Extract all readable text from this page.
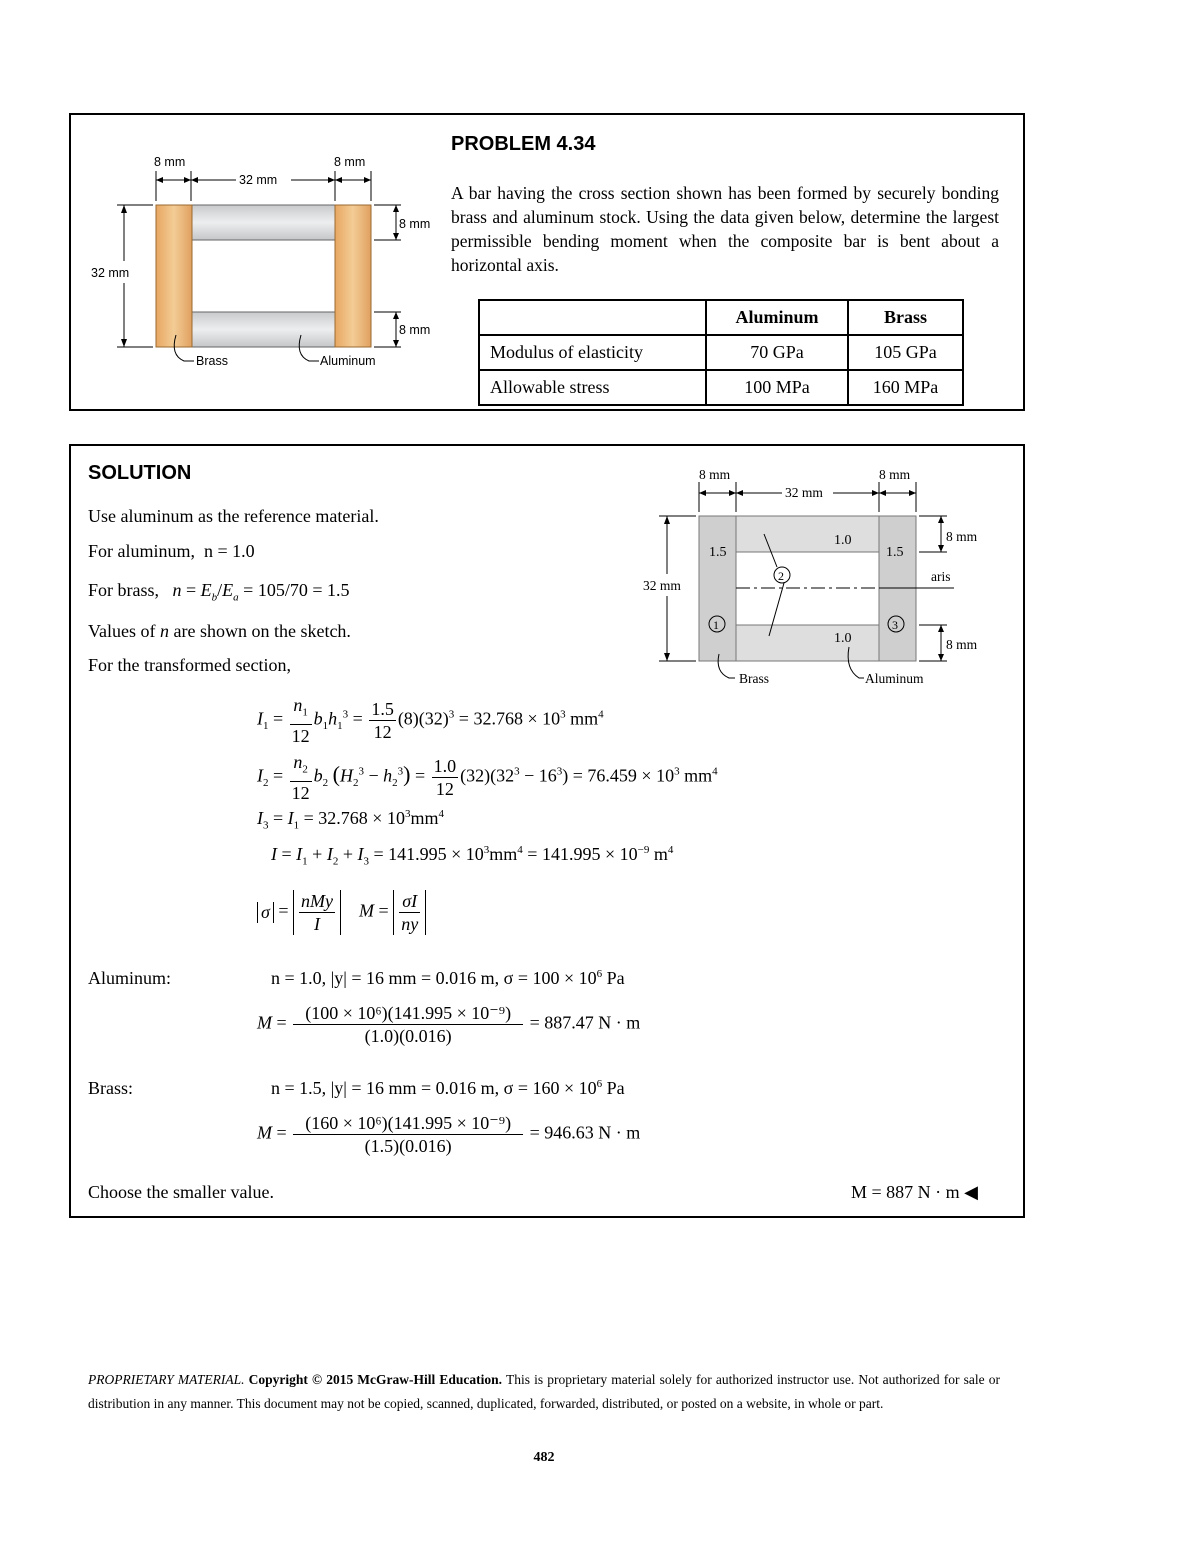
8 mm	8 mm
32 mm
32 mm
8 mm
8 mm
Brass	Aluminum
PROBLEM 4.34

A bar having the cross section shown has been formed by securely bonding brass and aluminum stock. Using the data given below, determine the largest permissible bending moment when the composite bar is bent about a horizontal axis.

	Aluminum	Brass
Modulus of elasticity	70 GPa	105 GPa
Allowable stress	100 MPa	160 MPa
SOLUTION
Use aluminum as the reference material.
For aluminum, n = 1.0
For brass, $n = E_b/E_a = 105/70 = 1.5$
Values of n are shown on the sketch.
For the transformed section,
aris
8 mm	8 mm
32 mm
32 mm
8 mm
8 mm
1.5	1.5
1.0
1.0
1
2
3
Brass	Aluminum
$I_1 = \frac{n_1}{12} b_1h_1^3 = \frac{1.5}{12} (8)(32)^3 = 32.768 \times 10^3$ $mm^4$
$I_2 = \frac{n_2}{12} b_2$ $(H_2^3 - h_2^3) = \frac{1.0}{12} (32)(32^3 - 16^3) = 76.459 \times 10^3$ $mm^4$
$I_3 = I_1 = 32.768 \times 10^3mm^4$
$I = I_1 + I_2 + I_3 = 141.995 \times 10^3mm^4 = 141.995 \times 10^{-9}$ $m^4$
$\sigma = \frac{\text{nMy}}{I}$ $M = \frac{\sigma I}{ny}$
Aluminum:	n = 1.0, |y| = 16 mm = 0.016 m, $\sigma = 100 \times 10^6$ Pa
$M = \frac{\text{(100 × 10⁶)(141.995 × 10⁻⁹)}}{(1.0)(0.016)} = 887.47$ N · m
Brass:	n = 1.5, |y| = 16 mm = 0.016 m, $\sigma = 160 \times 10^6$ Pa
$M = \frac{\text{(160 × 10⁶)(141.995 × 10⁻⁹)}}{(1.5)(0.016)} = 946.63$ N · m
Choose the smaller value.	M = 887 N · m ◀
PROPRIETARY MATERIAL. Copyright © 2015 McGraw-Hill Education. This is proprietary material solely for authorized instructor use. Not authorized for sale or distribution in any manner. This document may not be copied, scanned, duplicated, forwarded, distributed, or posted on a website, in whole or part.
482
